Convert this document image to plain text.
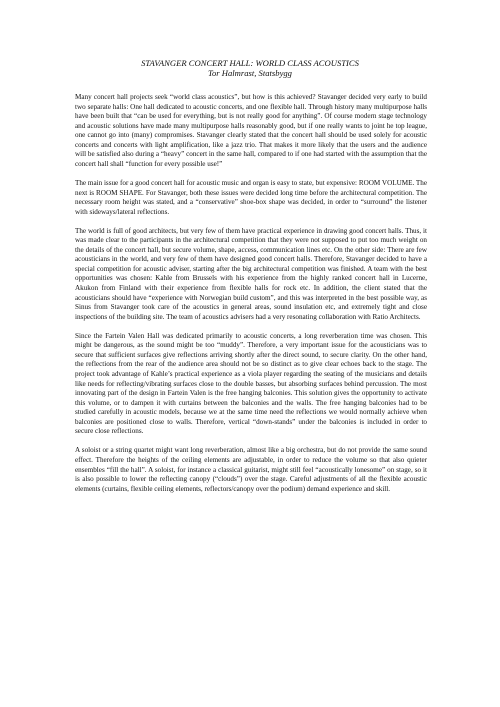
STAVANGER CONCERT HALL: WORLD CLASS ACOUSTICS
Tor Halmrast, Statsbygg

Many concert hall projects seek “world class acoustics”, but how is this achieved? Stavanger decided very early to build two separate halls: One hall dedicated to acoustic concerts, and one flexible hall. Through history many multipurpose halls have been built that “can be used for everything, but is not really good for anything”. Of course modern stage technology and acoustic solutions have made many multipurpose halls reasonably good, but if one really wants to joint he top league, one cannot go into (many) compromises. Stavanger clearly stated that the concert hall should be used solely for acoustic concerts and concerts with light amplification, like a jazz trio. That makes it more likely that the users and the audience will be satisfied also during a “heavy” concert in the same hall, compared to if one had started with the assumption that the concert hall shall “function for every possible use!”

The main issue for a good concert hall for acoustic music and organ is easy to state, but expensive: ROOM VOLUME. The next is ROOM SHAPE. For Stavanger, both these issues were decided long time before the architectural competition. The necessary room height was stated, and a “conservative” shoe-box shape was decided, in order to “surround” the listener with sideways/lateral reflections.

The world is full of good architects, but very few of them have practical experience in drawing good concert halls. Thus, it was made clear to the participants in the architectural competition that they were not supposed to put too much weight on the details of the concert hall, but secure volume, shape, access, communication lines etc. On the other side: There are few acousticians in the world, and very few of them have designed good concert halls. Therefore, Stavanger decided to have a special competition for acoustic adviser, starting after the big architectural competition was finished. A team with the best opportunities was chosen: Kahle from Brussels with his experience from the highly ranked concert hall in Lucerne, Akukon from Finland with their experience from flexible halls for rock etc. In addition, the client stated that the acousticians should have “experience with Norwegian build custom”, and this was interpreted in the best possible way, as Sinus from Stavanger took care of the acoustics in general areas, sound insulation etc, and extremely tight and close inspections of the building site. The team of acoustics advisers had a very resonating collaboration with Ratio Architects.

Since the Fartein Valen Hall was dedicated primarily to acoustic concerts, a long reverberation time was chosen. This might be dangerous, as the sound might be too “muddy”. Therefore, a very important issue for the acousticians was to secure that sufficient surfaces give reflections arriving shortly after the direct sound, to secure clarity. On the other hand, the reflections from the rear of the audience area should not be so distinct as to give clear echoes back to the stage. The project took advantage of Kahle’s practical experience as a viola player regarding the seating of the musicians and details like needs for reflecting/vibrating surfaces close to the double basses, but absorbing surfaces behind percussion. The most innovating part of the design in Fartein Valen is the free hanging balconies. This solution gives the opportunity to activate this volume, or to dampen it with curtains between the balconies and the walls. The free hanging balconies had to be studied carefully in acoustic models, because we at the same time need the reflections we would normally achieve when balconies are positioned close to walls. Therefore, vertical “down-stands” under the balconies is included in order to secure close reflections.

A soloist or a string quartet might want long reverberation, almost like a big orchestra, but do not provide the same sound effect. Therefore the heights of the ceiling elements are adjustable, in order to reduce the volume so that also quieter ensembles “fill the hall”. A soloist, for instance a classical guitarist, might still feel “acoustically lonesome” on stage, so it is also possible to lower the reflecting canopy (“clouds”) over the stage. Careful adjustments of all the flexible acoustic elements (curtains, flexible ceiling elements, reflectors/canopy over the podium) demand experience and skill.
